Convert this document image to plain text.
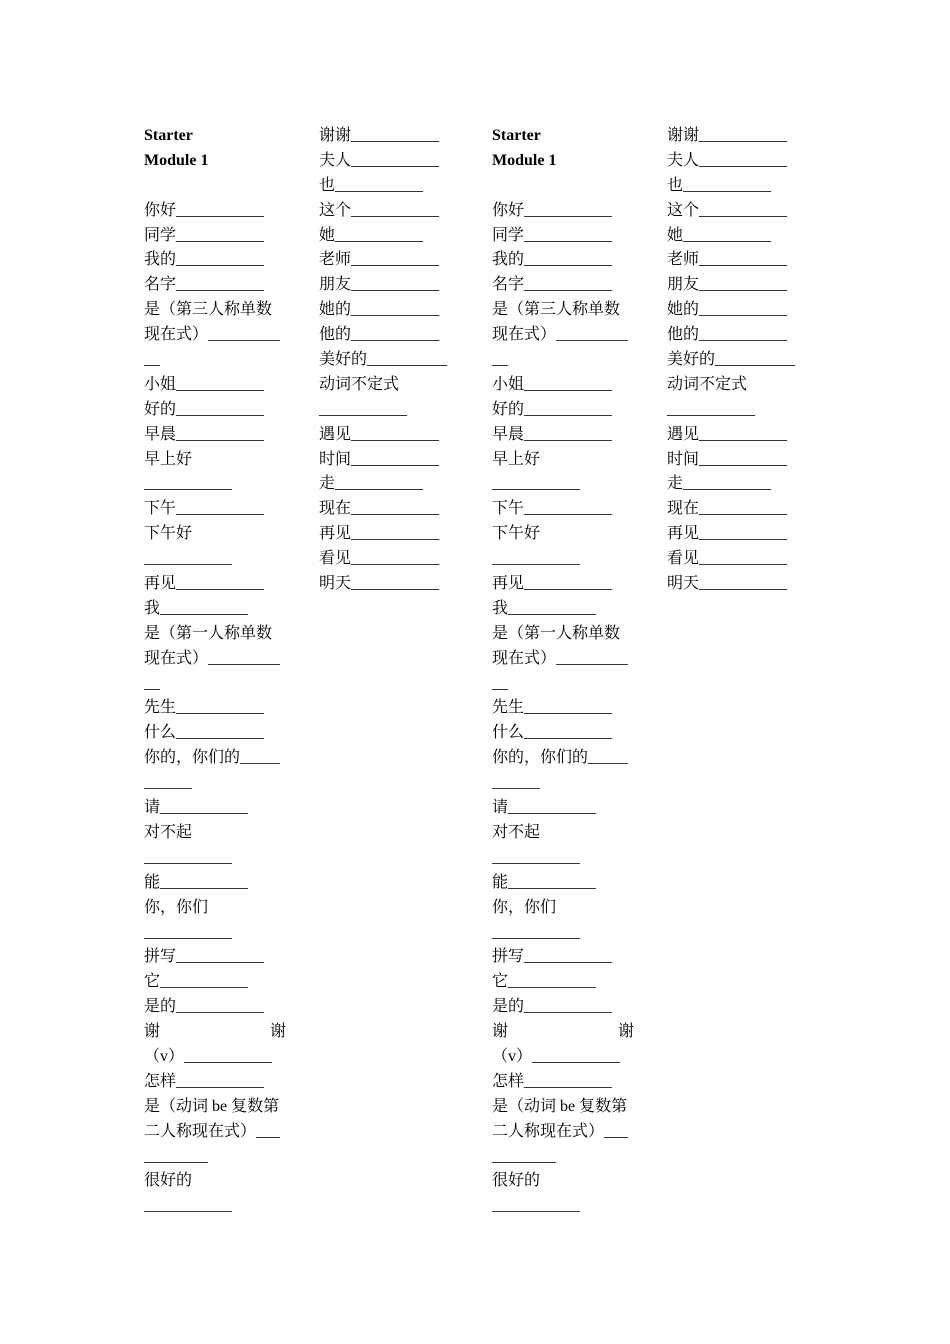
Starter
Module 1
你好___________
同学___________
我的___________
名字___________
是（第三人称单数
现在式）_________
__
小姐___________
好的___________
早晨___________
早上好
___________
下午___________
下午好
___________
再见___________
我___________
是（第一人称单数
现在式）_________
__
先生___________
什么___________
你的，你们的_____
______
请___________
对不起
___________
能___________
你，你们
___________
拼写___________
它___________
是的___________
谢	谢
（v）___________
怎样___________
是（动词 be 复数第
二人称现在式）___
________
很好的
___________
谢谢___________
夫人___________
也___________
这个___________
她___________
老师___________
朋友___________
她的___________
他的___________
美好的__________
动词不定式
___________
遇见___________
时间___________
走___________
现在___________
再见___________
看见___________
明天___________
Starter
Module 1
你好___________
同学___________
我的___________
名字___________
是（第三人称单数
现在式）_________
__
小姐___________
好的___________
早晨___________
早上好
___________
下午___________
下午好
___________
再见___________
我___________
是（第一人称单数
现在式）_________
__
先生___________
什么___________
你的，你们的_____
______
请___________
对不起
___________
能___________
你，你们
___________
拼写___________
它___________
是的___________
谢	谢
（v）___________
怎样___________
是（动词 be 复数第
二人称现在式）___
________
很好的
___________
谢谢___________
夫人___________
也___________
这个___________
她___________
老师___________
朋友___________
她的___________
他的___________
美好的__________
动词不定式
___________
遇见___________
时间___________
走___________
现在___________
再见___________
看见___________
明天___________
